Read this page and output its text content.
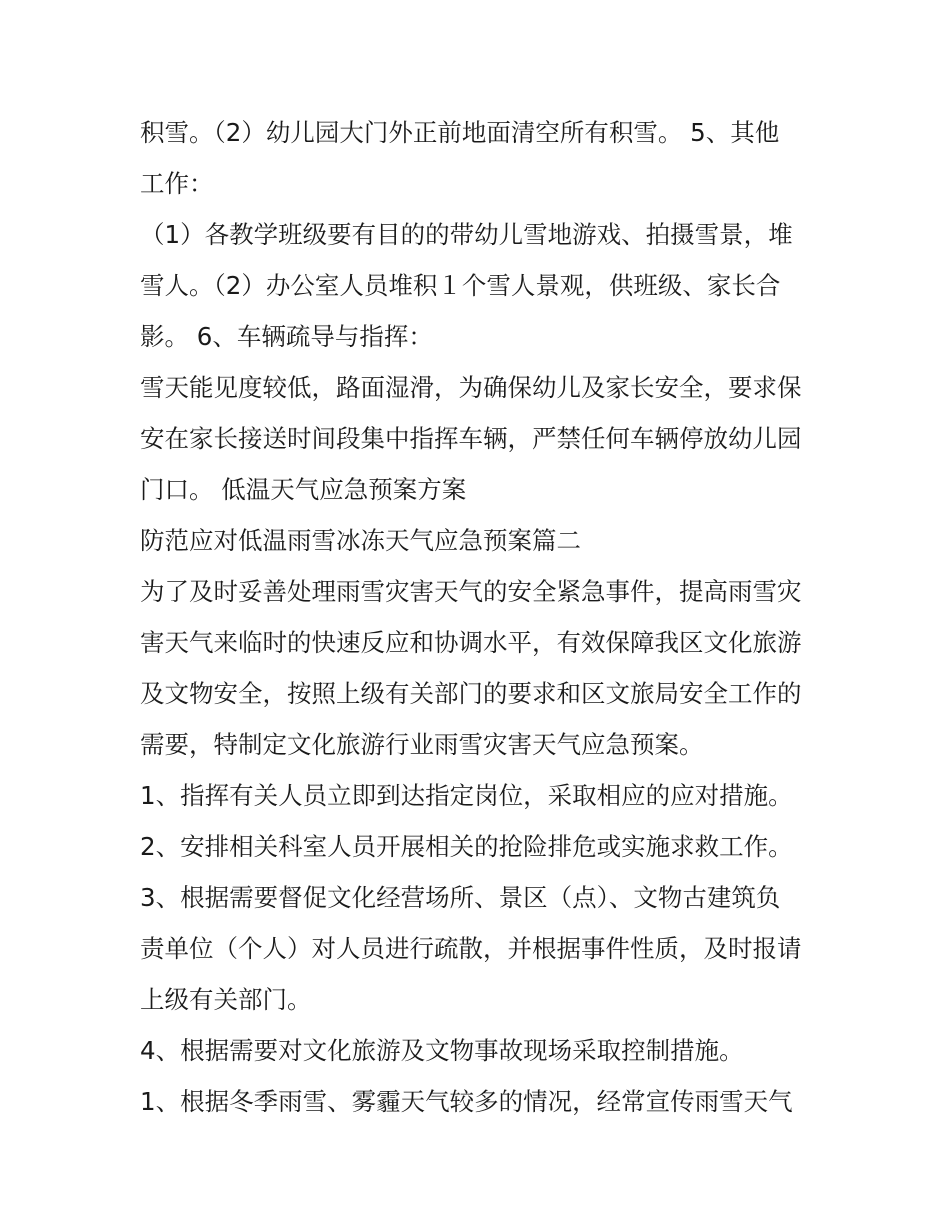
积雪。（2）幼儿园大门外正前地面清空所有积雪。 5、其他
工作：
（1）各教学班级要有目的的带幼儿雪地游戏、拍摄雪景，堆
雪人。（2）办公室人员堆积１个雪人景观，供班级、家长合
影。 6、车辆疏导与指挥：
雪天能见度较低，路面湿滑，为确保幼儿及家长安全，要求保
安在家长接送时间段集中指挥车辆，严禁任何车辆停放幼儿园
门口。 低温天气应急预案方案
防范应对低温雨雪冰冻天气应急预案篇二
为了及时妥善处理雨雪灾害天气的安全紧急事件，提高雨雪灾
害天气来临时的快速反应和协调水平，有效保障我区文化旅游
及文物安全，按照上级有关部门的要求和区文旅局安全工作的
需要，特制定文化旅游行业雨雪灾害天气应急预案。
1、指挥有关人员立即到达指定岗位，采取相应的应对措施。
2、安排相关科室人员开展相关的抢险排危或实施求救工作。
3、根据需要督促文化经营场所、景区（点）、文物古建筑负
责单位（个人）对人员进行疏散，并根据事件性质，及时报请
上级有关部门。
4、根据需要对文化旅游及文物事故现场采取控制措施。
1、根据冬季雨雪、雾霾天气较多的情况，经常宣传雨雪天气
